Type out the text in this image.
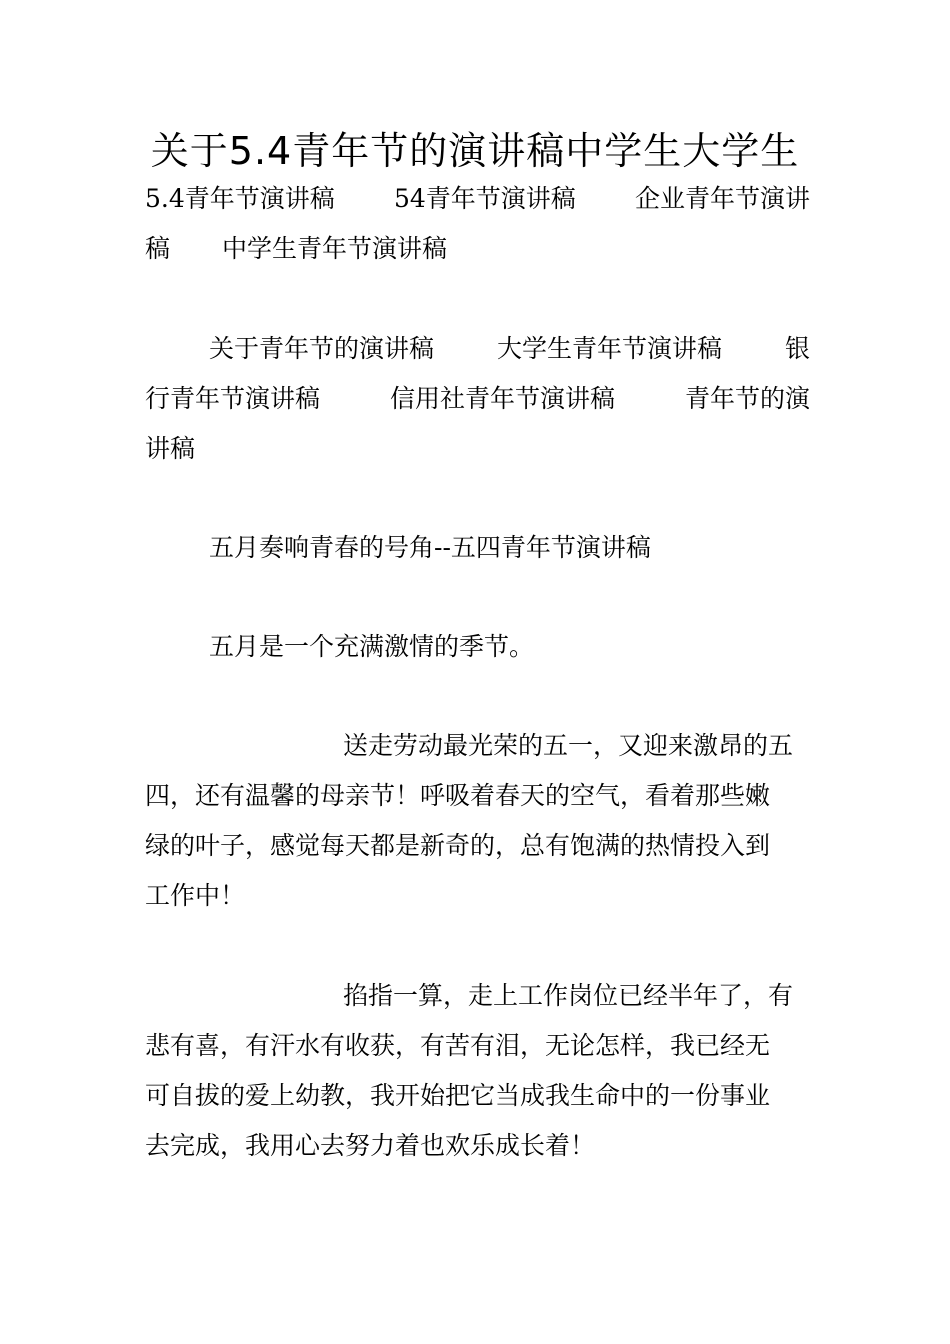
关于5.4青年节的演讲稿中学生大学生
5.4青年节演讲稿 54青年节演讲稿 企业青年节演讲
稿 中学生青年节演讲稿
关于青年节的演讲稿	大学生青年节演讲稿	银
行青年节演讲稿	信用社青年节演讲稿	青年节的演
讲稿
五月奏响青春的号角--五四青年节演讲稿
五月是一个充满激情的季节。
送走劳动最光荣的五一，又迎来激昂的五
四，还有温馨的母亲节！呼吸着春天的空气，看着那些嫩
绿的叶子，感觉每天都是新奇的，总有饱满的热情投入到
工作中！
掐指一算，走上工作岗位已经半年了，有
悲有喜，有汗水有收获，有苦有泪，无论怎样，我已经无
可自拔的爱上幼教，我开始把它当成我生命中的一份事业
去完成，我用心去努力着也欢乐成长着！
